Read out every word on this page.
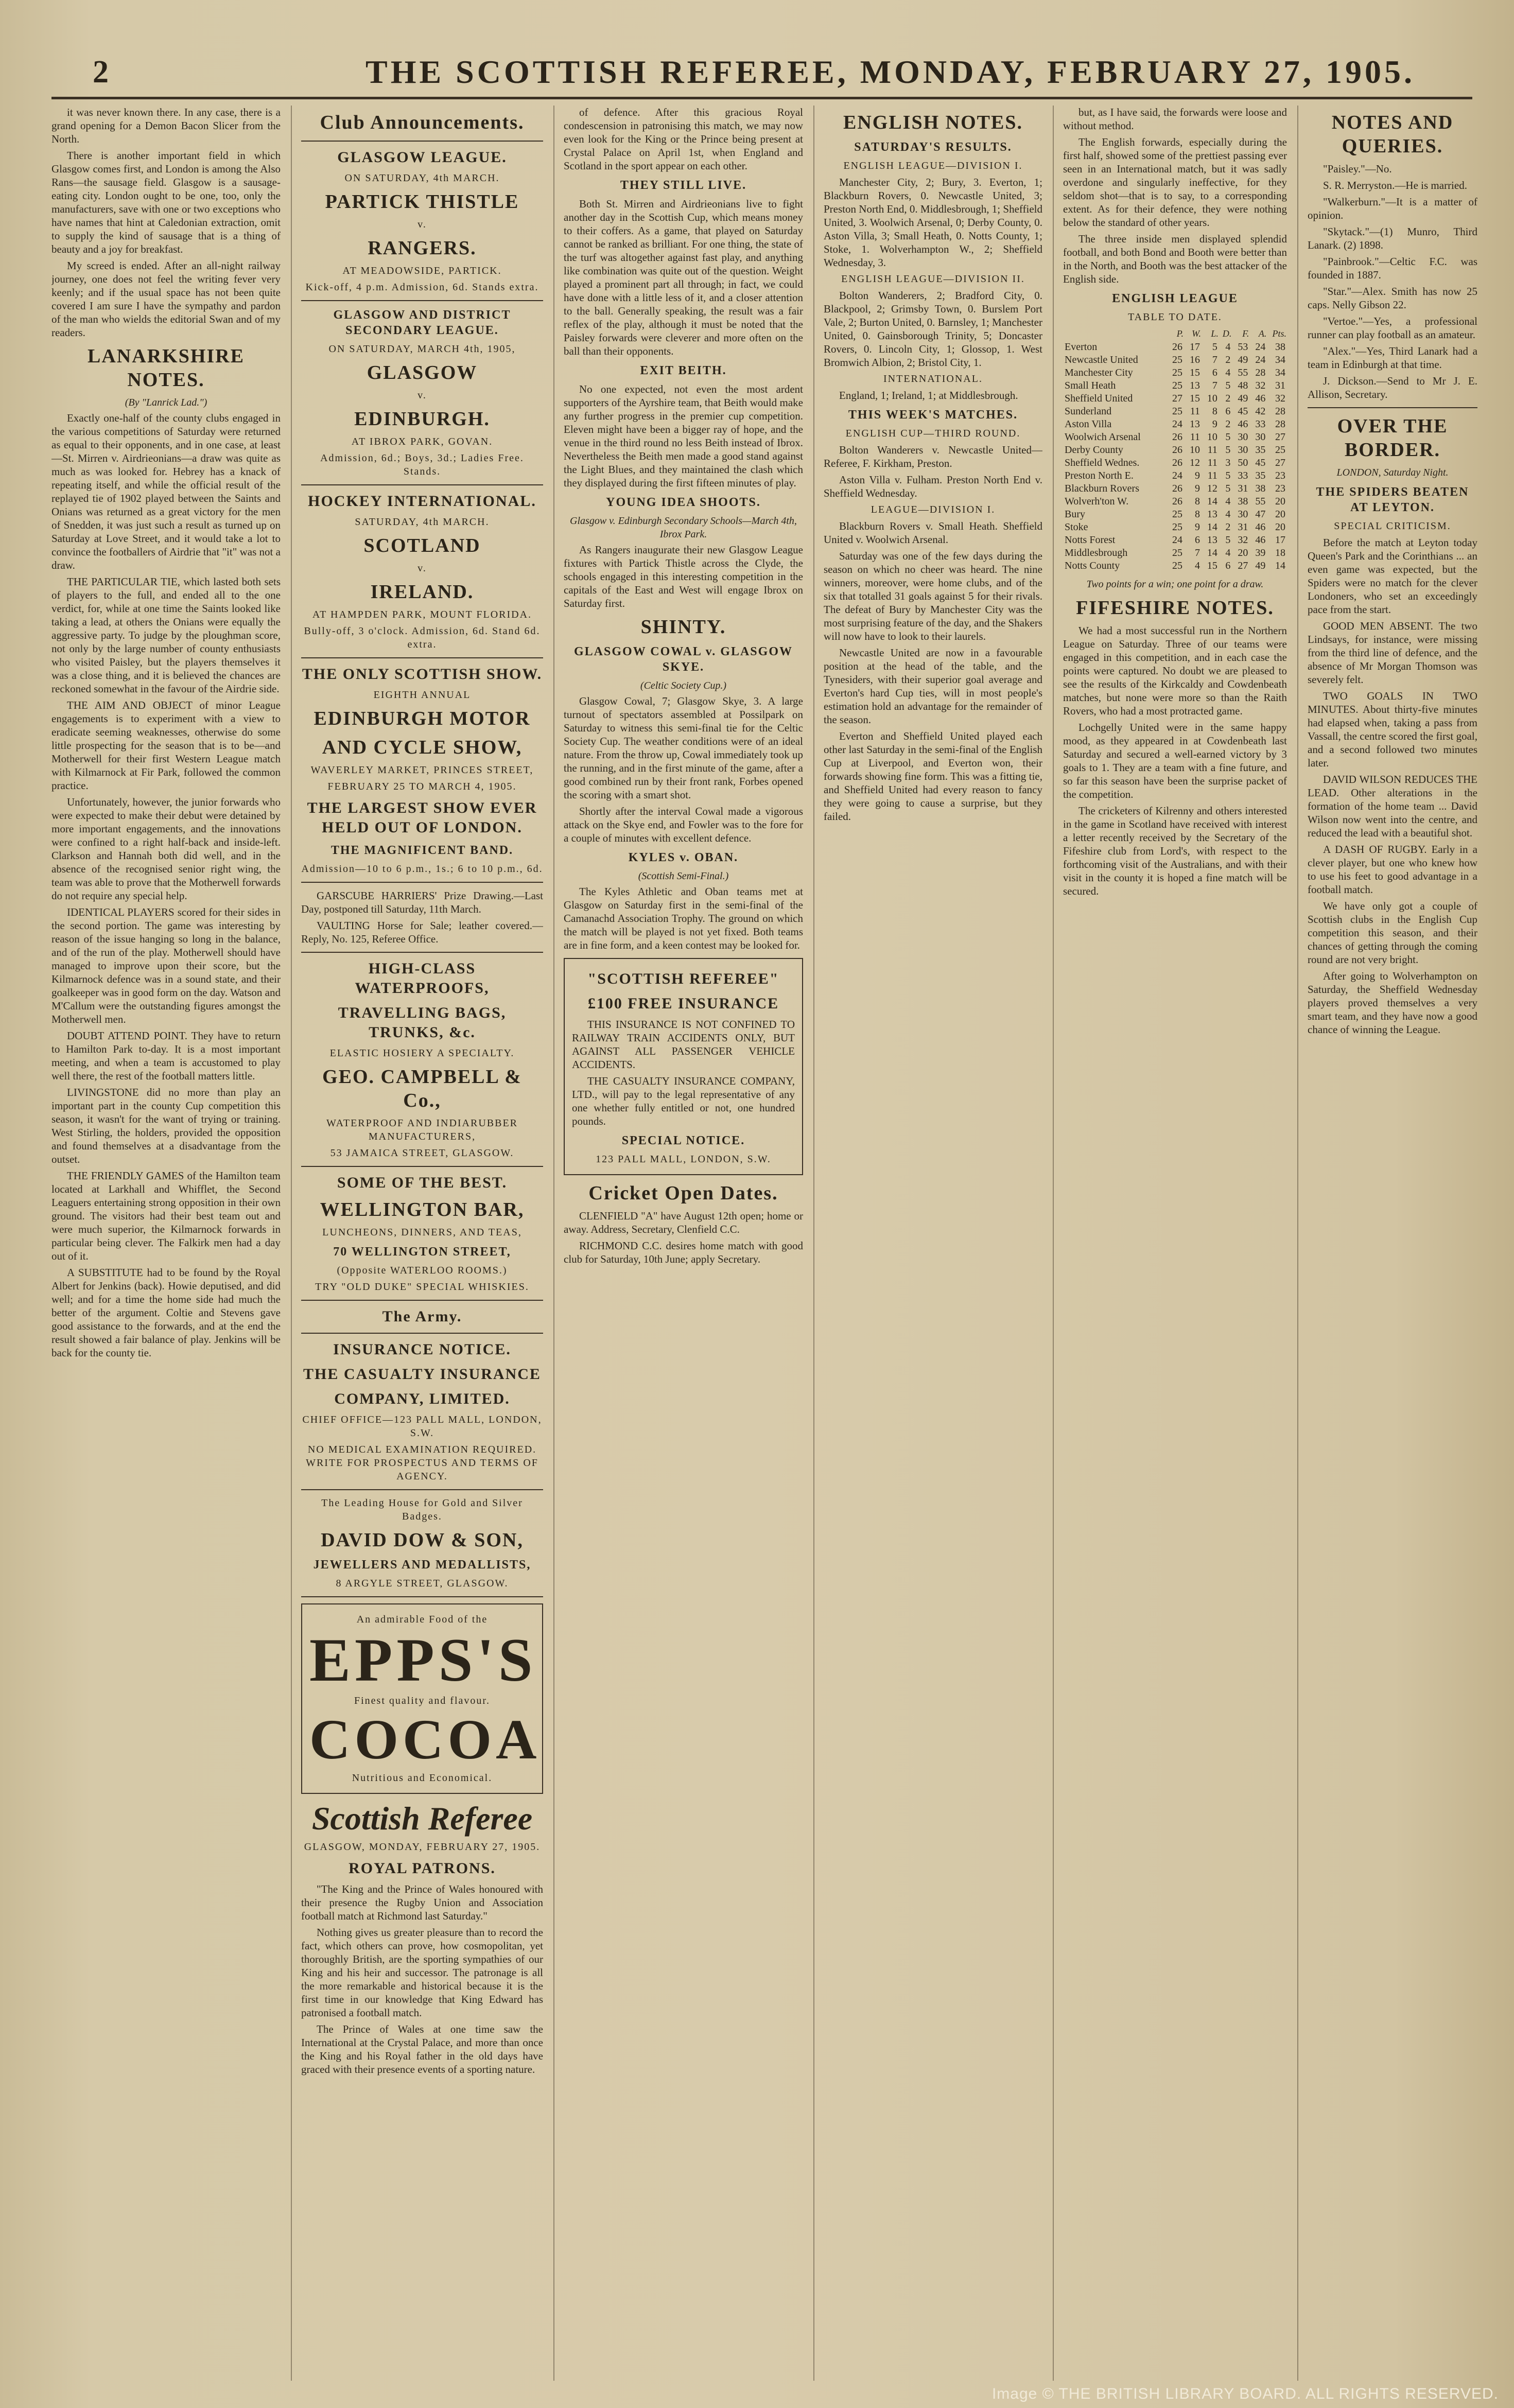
2	THE SCOTTISH REFEREE, MONDAY, FEBRUARY 27, 1905.

it was never known there. In any case, there is a grand opening for a Demon Bacon Slicer from the North.

There is another important field in which Glasgow comes first, and London is among the Also Rans—the sausage field. Glasgow is a sausage-eating city. London ought to be one, too, only the manufacturers, save with one or two exceptions who have names that hint at Caledonian extraction, omit to supply the kind of sausage that is a thing of beauty and a joy for breakfast.

My screed is ended. After an all-night railway journey, one does not feel the writing fever very keenly; and if the usual space has not been quite covered I am sure I have the sympathy and pardon of the man who wields the editorial Swan and of my readers.

LANARKSHIRE NOTES.
(By "Lanrick Lad.")

Exactly one-half of the county clubs engaged in the various competitions of Saturday were returned as equal to their opponents, and in one case, at least—St. Mirren v. Airdrieonians—a draw was quite as much as was looked for. Hebrey has a knack of repeating itself, and while the official result of the replayed tie of 1902 played between the Saints and Onians was returned as a great victory for the men of Snedden, it was just such a result as turned up on Saturday at Love Street, and it would take a lot to convince the footballers of Airdrie that "it" was not a draw.

THE PARTICULAR TIE, which lasted both sets of players to the full, and ended all to the one verdict, for, while at one time the Saints looked like taking a lead, at others the Onians were equally the aggressive party. To judge by the ploughman score, not only by the large number of county enthusiasts who visited Paisley, but the players themselves it was a close thing, and it is believed the chances are reckoned somewhat in the favour of the Airdrie side.

THE AIM AND OBJECT of minor League engagements is to experiment with a view to eradicate seeming weaknesses, otherwise do some little prospecting for the season that is to be—and Motherwell for their first Western League match with Kilmarnock at Fir Park, followed the common practice.

Unfortunately, however, the junior forwards who were expected to make their debut were detained by more important engagements, and the innovations were confined to a right half-back and inside-left. Clarkson and Hannah both did well, and in the absence of the recognised senior right wing, the team was able to prove that the Motherwell forwards do not require any special help.

IDENTICAL PLAYERS scored for their sides in the second portion. The game was interesting by reason of the issue hanging so long in the balance, and of the run of the play. Motherwell should have managed to improve upon their score, but the Kilmarnock defence was in a sound state, and their goalkeeper was in good form on the day. Watson and M'Callum were the outstanding figures amongst the Motherwell men.

DOUBT ATTEND POINT. They have to return to Hamilton Park to-day. It is a most important meeting, and when a team is accustomed to play well there, the rest of the football matters little.

LIVINGSTONE did no more than play an important part in the county Cup competition this season, it wasn't for the want of trying or training. West Stirling, the holders, provided the opposition and found themselves at a disadvantage from the outset.

THE FRIENDLY GAMES of the Hamilton team located at Larkhall and Whifflet, the Second Leaguers entertaining strong opposition in their own ground. The visitors had their best team out and were much superior, the Kilmarnock forwards in particular being clever. The Falkirk men had a day out of it.

A SUBSTITUTE had to be found by the Royal Albert for Jenkins (back). Howie deputised, and did well; and for a time the home side had much the better of the argument. Coltie and Stevens gave good assistance to the forwards, and at the end the result showed a fair balance of play. Jenkins will be back for the county tie.

Club Announcements.
GLASGOW LEAGUE.
ON SATURDAY, 4th MARCH.
PARTICK THISTLE
v.
RANGERS.
AT MEADOWSIDE, PARTICK.
Kick-off, 4 p.m. Admission, 6d. Stands extra.
GLASGOW AND DISTRICT SECONDARY LEAGUE.
ON SATURDAY, MARCH 4th, 1905,
GLASGOW
v.
EDINBURGH.
AT IBROX PARK, GOVAN.
Admission, 6d.; Boys, 3d.; Ladies Free. Stands.
HOCKEY INTERNATIONAL.
SATURDAY, 4th MARCH.
SCOTLAND
v.
IRELAND.
AT HAMPDEN PARK, MOUNT FLORIDA.
Bully-off, 3 o'clock. Admission, 6d. Stand 6d. extra.
THE ONLY SCOTTISH SHOW.
EIGHTH ANNUAL
EDINBURGH MOTOR
AND CYCLE SHOW,
WAVERLEY MARKET, PRINCES STREET,
FEBRUARY 25 TO MARCH 4, 1905.
THE LARGEST SHOW EVER HELD OUT OF LONDON.
THE MAGNIFICENT BAND.
Admission—10 to 6 p.m., 1s.; 6 to 10 p.m., 6d.

GARSCUBE HARRIERS' Prize Drawing.—Last Day, postponed till Saturday, 11th March.

VAULTING Horse for Sale; leather covered.—Reply, No. 125, Referee Office.

HIGH-CLASS WATERPROOFS,
TRAVELLING BAGS, TRUNKS, &c.
ELASTIC HOSIERY A SPECIALTY.
GEO. CAMPBELL & Co.,
WATERPROOF AND INDIARUBBER MANUFACTURERS,
53 JAMAICA STREET, GLASGOW.
SOME OF THE BEST.
WELLINGTON BAR,
LUNCHEONS, DINNERS, AND TEAS,
70 WELLINGTON STREET,
(Opposite WATERLOO ROOMS.)
TRY "OLD DUKE" SPECIAL WHISKIES.
The Army.
INSURANCE NOTICE.
THE CASUALTY INSURANCE
COMPANY, LIMITED.
CHIEF OFFICE—123 PALL MALL, LONDON, S.W.
NO MEDICAL EXAMINATION REQUIRED. WRITE FOR PROSPECTUS AND TERMS OF AGENCY.
The Leading House for Gold and Silver Badges.
DAVID DOW & SON,
JEWELLERS AND MEDALLISTS,
8 ARGYLE STREET, GLASGOW.
An admirable Food of the
EPPS'S
Finest quality and flavour.
COCOA
Nutritious and Economical.
Scottish Referee
GLASGOW, MONDAY, FEBRUARY 27, 1905.
ROYAL PATRONS.

"The King and the Prince of Wales honoured with their presence the Rugby Union and Association football match at Richmond last Saturday."

Nothing gives us greater pleasure than to record the fact, which others can prove, how cosmopolitan, yet thoroughly British, are the sporting sympathies of our King and his heir and successor. The patronage is all the more remarkable and historical because it is the first time in our knowledge that King Edward has patronised a football match.

The Prince of Wales at one time saw the International at the Crystal Palace, and more than once the King and his Royal father in the old days have graced with their presence events of a sporting nature.

of defence. After this gracious Royal condescension in patronising this match, we may now even look for the King or the Prince being present at Crystal Palace on April 1st, when England and Scotland in the sport appear on each other.

THEY STILL LIVE.

Both St. Mirren and Airdrieonians live to fight another day in the Scottish Cup, which means money to their coffers. As a game, that played on Saturday cannot be ranked as brilliant. For one thing, the state of the turf was altogether against fast play, and anything like combination was quite out of the question. Weight played a prominent part all through; in fact, we could have done with a little less of it, and a closer attention to the ball. Generally speaking, the result was a fair reflex of the play, although it must be noted that the Paisley forwards were cleverer and more often on the ball than their opponents.

EXIT BEITH.

No one expected, not even the most ardent supporters of the Ayrshire team, that Beith would make any further progress in the premier cup competition. Eleven might have been a bigger ray of hope, and the venue in the third round no less Beith instead of Ibrox. Nevertheless the Beith men made a good stand against the Light Blues, and they maintained the clash which they displayed during the first fifteen minutes of play.

YOUNG IDEA SHOOTS.
Glasgow v. Edinburgh Secondary Schools—March 4th, Ibrox Park.

As Rangers inaugurate their new Glasgow League fixtures with Partick Thistle across the Clyde, the schools engaged in this interesting competition in the capitals of the East and West will engage Ibrox on Saturday first.

SHINTY.
GLASGOW COWAL v. GLASGOW SKYE.
(Celtic Society Cup.)

Glasgow Cowal, 7; Glasgow Skye, 3. A large turnout of spectators assembled at Possilpark on Saturday to witness this semi-final tie for the Celtic Society Cup. The weather conditions were of an ideal nature. From the throw up, Cowal immediately took up the running, and in the first minute of the game, after a good combined run by their front rank, Forbes opened the scoring with a smart shot.

Shortly after the interval Cowal made a vigorous attack on the Skye end, and Fowler was to the fore for a couple of minutes with excellent defence.

KYLES v. OBAN.
(Scottish Semi-Final.)

The Kyles Athletic and Oban teams met at Glasgow on Saturday first in the semi-final of the Camanachd Association Trophy. The ground on which the match will be played is not yet fixed. Both teams are in fine form, and a keen contest may be looked for.

"SCOTTISH REFEREE"
£100 FREE INSURANCE

THIS INSURANCE IS NOT CONFINED TO RAILWAY TRAIN ACCIDENTS ONLY, BUT AGAINST ALL PASSENGER VEHICLE ACCIDENTS.

THE CASUALTY INSURANCE COMPANY, LTD., will pay to the legal representative of any one whether fully entitled or not, one hundred pounds.

SPECIAL NOTICE.
123 PALL MALL, LONDON, S.W.
Cricket Open Dates.

CLENFIELD "A" have August 12th open; home or away. Address, Secretary, Clenfield C.C.

RICHMOND C.C. desires home match with good club for Saturday, 10th June; apply Secretary.

ENGLISH NOTES.
SATURDAY'S RESULTS.
ENGLISH LEAGUE—DIVISION I.

Manchester City, 2; Bury, 3. Everton, 1; Blackburn Rovers, 0. Newcastle United, 3; Preston North End, 0. Middlesbrough, 1; Sheffield United, 3. Woolwich Arsenal, 0; Derby County, 0. Aston Villa, 3; Small Heath, 0. Notts County, 1; Stoke, 1. Wolverhampton W., 2; Sheffield Wednesday, 3.

ENGLISH LEAGUE—DIVISION II.

Bolton Wanderers, 2; Bradford City, 0. Blackpool, 2; Grimsby Town, 0. Burslem Port Vale, 2; Burton United, 0. Barnsley, 1; Manchester United, 0. Gainsborough Trinity, 5; Doncaster Rovers, 0. Lincoln City, 1; Glossop, 1. West Bromwich Albion, 2; Bristol City, 1.

INTERNATIONAL.

England, 1; Ireland, 1; at Middlesbrough.

THIS WEEK'S MATCHES.
ENGLISH CUP—THIRD ROUND.

Bolton Wanderers v. Newcastle United—Referee, F. Kirkham, Preston.

Aston Villa v. Fulham. Preston North End v. Sheffield Wednesday.

LEAGUE—DIVISION I.

Blackburn Rovers v. Small Heath. Sheffield United v. Woolwich Arsenal.

Saturday was one of the few days during the season on which no cheer was heard. The nine winners, moreover, were home clubs, and of the six that totalled 31 goals against 5 for their rivals. The defeat of Bury by Manchester City was the most surprising feature of the day, and the Shakers will now have to look to their laurels.

Newcastle United are now in a favourable position at the head of the table, and the Tynesiders, with their superior goal average and Everton's hard Cup ties, will in most people's estimation hold an advantage for the remainder of the season.

Everton and Sheffield United played each other last Saturday in the semi-final of the English Cup at Liverpool, and Everton won, their forwards showing fine form. This was a fitting tie, and Sheffield United had every reason to fancy they were going to cause a surprise, but they failed.

but, as I have said, the forwards were loose and without method.

The English forwards, especially during the first half, showed some of the prettiest passing ever seen in an International match, but it was sadly overdone and singularly ineffective, for they seldom shot—that is to say, to a corresponding extent. As for their defence, they were nothing below the standard of other years.

The three inside men displayed splendid football, and both Bond and Booth were better than in the North, and Booth was the best attacker of the English side.

ENGLISH LEAGUE
TABLE TO DATE.
	P.	W.	L.	D.	F.	A.	Pts.
Everton	26	17	5	4	53	24	38
Newcastle United	25	16	7	2	49	24	34
Manchester City	25	15	6	4	55	28	34
Small Heath	25	13	7	5	48	32	31
Sheffield United	27	15	10	2	49	46	32
Sunderland	25	11	8	6	45	42	28
Aston Villa	24	13	9	2	46	33	28
Woolwich Arsenal	26	11	10	5	30	30	27
Derby County	26	10	11	5	30	35	25
Sheffield Wednes.	26	12	11	3	50	45	27
Preston North E.	24	9	11	5	33	35	23
Blackburn Rovers	26	9	12	5	31	38	23
Wolverh'ton W.	26	8	14	4	38	55	20
Bury	25	8	13	4	30	47	20
Stoke	25	9	14	2	31	46	20
Notts Forest	24	6	13	5	32	46	17
Middlesbrough	25	7	14	4	20	39	18
Notts County	25	4	15	6	27	49	14
Two points for a win; one point for a draw.
FIFESHIRE NOTES.

We had a most successful run in the Northern League on Saturday. Three of our teams were engaged in this competition, and in each case the points were captured. No doubt we are pleased to see the results of the Kirkcaldy and Cowdenbeath matches, but none were more so than the Raith Rovers, who had a most protracted game.

Lochgelly United were in the same happy mood, as they appeared in at Cowdenbeath last Saturday and secured a well-earned victory by 3 goals to 1. They are a team with a fine future, and so far this season have been the surprise packet of the competition.

The cricketers of Kilrenny and others interested in the game in Scotland have received with interest a letter recently received by the Secretary of the Fifeshire club from Lord's, with respect to the forthcoming visit of the Australians, and with their visit in the county it is hoped a fine match will be secured.

NOTES AND QUERIES.

"Paisley."—No.

S. R. Merryston.—He is married.

"Walkerburn."—It is a matter of opinion.

"Skytack."—(1) Munro, Third Lanark. (2) 1898.

"Painbrook."—Celtic F.C. was founded in 1887.

"Star."—Alex. Smith has now 25 caps. Nelly Gibson 22.

"Vertoe."—Yes, a professional runner can play football as an amateur.

"Alex."—Yes, Third Lanark had a team in Edinburgh at that time.

J. Dickson.—Send to Mr J. E. Allison, Secretary.

OVER THE BORDER.
LONDON, Saturday Night.
THE SPIDERS BEATEN AT LEYTON.
SPECIAL CRITICISM.

Before the match at Leyton today Queen's Park and the Corinthians ... an even game was expected, but the Spiders were no match for the clever Londoners, who set an exceedingly pace from the start.

GOOD MEN ABSENT. The two Lindsays, for instance, were missing from the third line of defence, and the absence of Mr Morgan Thomson was severely felt.

TWO GOALS IN TWO MINUTES. About thirty-five minutes had elapsed when, taking a pass from Vassall, the centre scored the first goal, and a second followed two minutes later.

DAVID WILSON REDUCES THE LEAD. Other alterations in the formation of the home team ... David Wilson now went into the centre, and reduced the lead with a beautiful shot.

A DASH OF RUGBY. Early in a clever player, but one who knew how to use his feet to good advantage in a football match.

We have only got a couple of Scottish clubs in the English Cup competition this season, and their chances of getting through the coming round are not very bright.

After going to Wolverhampton on Saturday, the Sheffield Wednesday players proved themselves a very smart team, and they have now a good chance of winning the League.

Image © THE BRITISH LIBRARY BOARD. ALL RIGHTS RESERVED.
